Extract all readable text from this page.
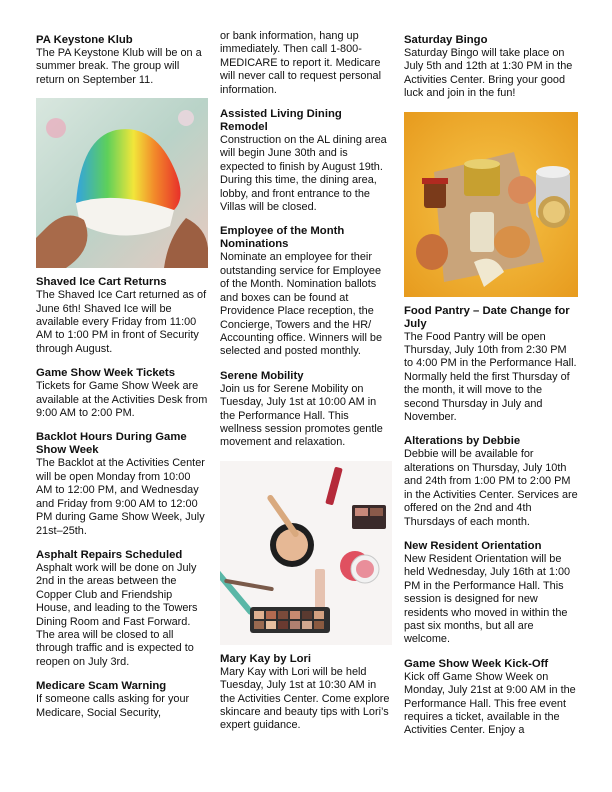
PA Keystone Klub

The PA Keystone Klub will be on a summer break. The group will return on September 11.

Shaved Ice Cart Returns

The Shaved Ice Cart returned as of June 6th! Shaved Ice will be available every Friday from 11:00 AM to 1:00 PM in front of Security through August.

Game Show Week Tickets

Tickets for Game Show Week are available at the Activities Desk from 9:00 AM to 2:00 PM.

Backlot Hours During Game Show Week

The Backlot at the Activities Center will be open Monday from 10:00 AM to 12:00 PM, and Wednesday and Friday from 9:00 AM to 12:00 PM during Game Show Week, July 21st–25th.

Asphalt Repairs Scheduled

Asphalt work will be done on July 2nd in the areas between the Copper Club and Friendship House, and leading to the Towers Dining Room and Fast Forward. The area will be closed to all through traffic and is expected to reopen on July 3rd.

Medicare Scam Warning

If someone calls asking for your Medicare, Social Security,

or bank information, hang up immediately. Then call 1-800-MEDICARE to report it. Medicare will never call to request personal information.

Assisted Living Dining Remodel

Construction on the AL dining area will begin June 30th and is expected to finish by August 19th. During this time, the dining area, lobby, and front entrance to the Villas will be closed.

Employee of the Month Nominations

Nominate an employee for their outstanding service for Employee of the Month. Nomination ballots and boxes can be found at Providence Place reception, the Concierge, Towers and the HR/ Accounting office. Winners will be selected and posted monthly.

Serene Mobility

Join us for Serene Mobility on Tuesday, July 1st at 10:00 AM in the Performance Hall. This wellness session promotes gentle movement and relaxation.

Mary Kay by Lori

Mary Kay with Lori will be held Tuesday, July 1st at 10:30 AM in the Activities Center. Come explore skincare and beauty tips with Lori’s expert guidance.

Saturday Bingo

Saturday Bingo will take place on July 5th and 12th at 1:30 PM in the Activities Center. Bring your good luck and join in the fun!

Food Pantry – Date Change for July

The Food Pantry will be open Thursday, July 10th from 2:30 PM to 4:00 PM in the Performance Hall. Normally held the first Thursday of the month, it will move to the second Thursday in July and November.

Alterations by Debbie

Debbie will be available for alterations on Thursday, July 10th and 24th from 1:00 PM to 2:00 PM in the Activities Center. Services are offered on the 2nd and 4th Thursdays of each month.

New Resident Orientation

New Resident Orientation will be held Wednesday, July 16th at 1:00 PM in the Performance Hall. This session is designed for new residents who moved in within the past six months, but all are welcome.

Game Show Week Kick-Off

Kick off Game Show Week on Monday, July 21st at 9:00 AM in the Performance Hall. This free event requires a ticket, available in the Activities Center. Enjoy a
